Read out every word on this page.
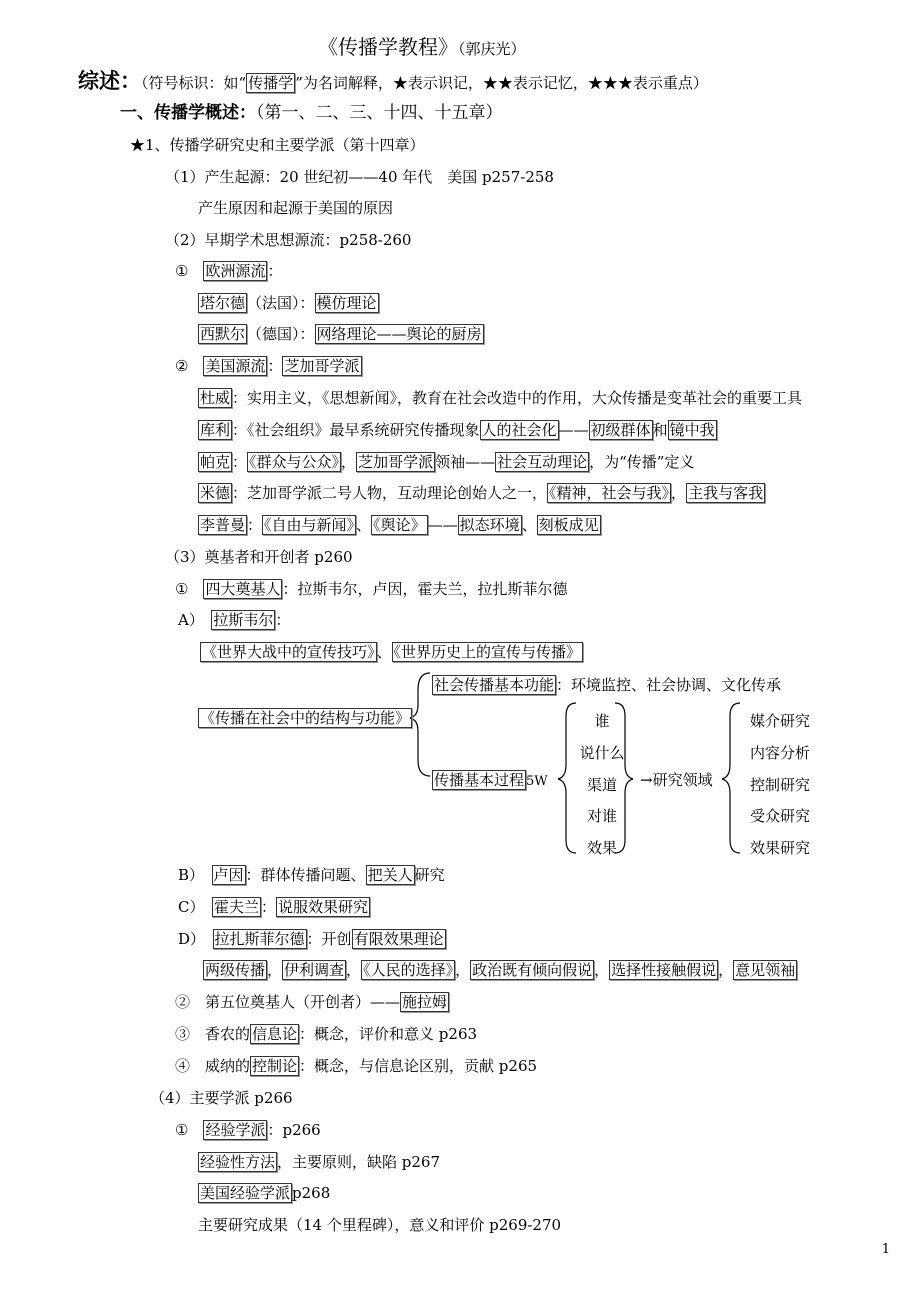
《传播学教程》（郭庆光）
综述：（符号标识：如“ 传播学 ”为名词解释，★表示识记，★★表示记忆，★★★表示重点）
一、传播学概述：（第一、二、三、十四、十五章）
★1、传播学研究史和主要学派（第十四章）
（1）产生起源：20 世纪初——40 年代　美国 p257-258
产生原因和起源于美国的原因
（2）早期学术思想源流：p258-260
①　欧洲源流 ：
塔尔德 （法国）： 模仿理论
西默尔 （德国）： 网络理论——舆论的厨房
②　美国源流 ： 芝加哥学派
杜威 ：实用主义，《思想新闻》，教育在社会改造中的作用，大众传播是变革社会的重要工具
库利 ：《社会组织》最早系统研究传播现象 人的社会化 —— 初级群体 和 镜中我
帕克 ： 《群众与公众》 ， 芝加哥学派 领袖—— 社会互动理论 ，为“传播”定义
米德 ：芝加哥学派二号人物，互动理论创始人之一， 《精神，社会与我》 ， 主我与客我
李普曼 ： 《自由与新闻》 、 《舆论》 —— 拟态环境 、 刻板成见
（3）奠基者和开创者 p260
①　四大奠基人 ：拉斯韦尔，卢因，霍夫兰，拉扎斯菲尔德
A）　拉斯韦尔 ：
《世界大战中的宣传技巧》 、 《世界历史上的宣传与传播》
B）　卢因 ：群体传播问题、 把关人 研究
C）　霍夫兰 ： 说服效果研究
D）　拉扎斯菲尔德 ：开创 有限效果理论
两级传播 ， 伊利调查 ， 《人民的选择》 ， 政治既有倾向假说 ， 选择性接触假说 ， 意见领袖
②　第五位奠基人（开创者）—— 施拉姆
③　香农的 信息论 ：概念，评价和意义 p263
④　威纳的 控制论 ：概念，与信息论区别，贡献 p265
（4）主要学派 p266
①　经验学派 ：p266
经验性方法 ，主要原则，缺陷 p267
美国经验学派 p268
主要研究成果（14 个里程碑），意义和评价 p269-270
《传播在社会中的结构与功能》
社会传播基本功能 ：环境监控、社会协调、文化传承
传播基本过程 5W
谁
说什么
渠道
对谁
效果
→研究领域
媒介研究
内容分析
控制研究
受众研究
效果研究
1
